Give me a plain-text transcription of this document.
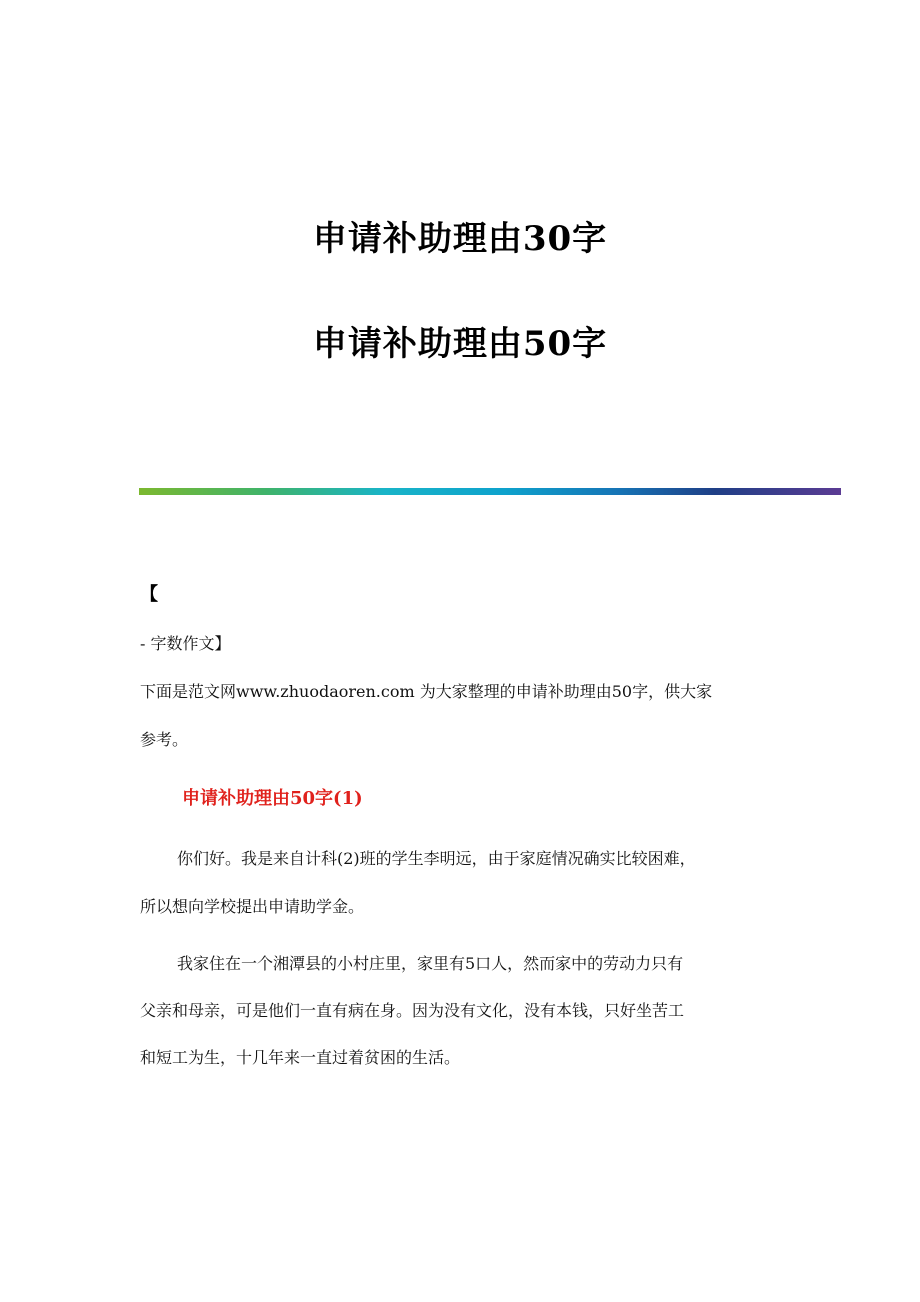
申请补助理由30字
申请补助理由50字
【
- 字数作文】
下面是范文网www.zhuodaoren.com 为大家整理的申请补助理由50字，供大家
参考。
申请补助理由50字(1)
你们好。我是来自计科(2)班的学生李明远，由于家庭情况确实比较困难，
所以想向学校提出申请助学金。
我家住在一个湘潭县的小村庄里，家里有5口人，然而家中的劳动力只有
父亲和母亲，可是他们一直有病在身。因为没有文化，没有本钱，只好坐苦工
和短工为生，十几年来一直过着贫困的生活。
